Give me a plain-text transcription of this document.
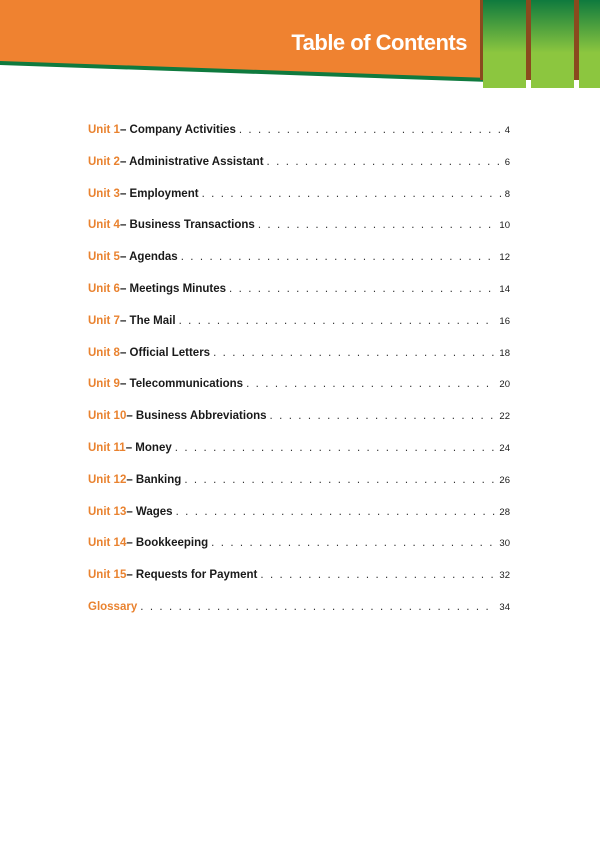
Table of Contents
Unit 1 – Company Activities . . .	4
Unit 2 – Administrative Assistant . . .	6
Unit 3 – Employment . . .	8
Unit 4 – Business Transactions . . .	10
Unit 5 – Agendas . . .	12
Unit 6 – Meetings Minutes . . .	14
Unit 7 – The Mail . . .	16
Unit 8 – Official Letters . . .	18
Unit 9 – Telecommunications . . .	20
Unit 10 – Business Abbreviations . . .	22
Unit 11 – Money . . .	24
Unit 12 – Banking . . .	26
Unit 13 – Wages . . .	28
Unit 14 – Bookkeeping . . .	30
Unit 15 – Requests for Payment . . .	32
Glossary . . .	34
